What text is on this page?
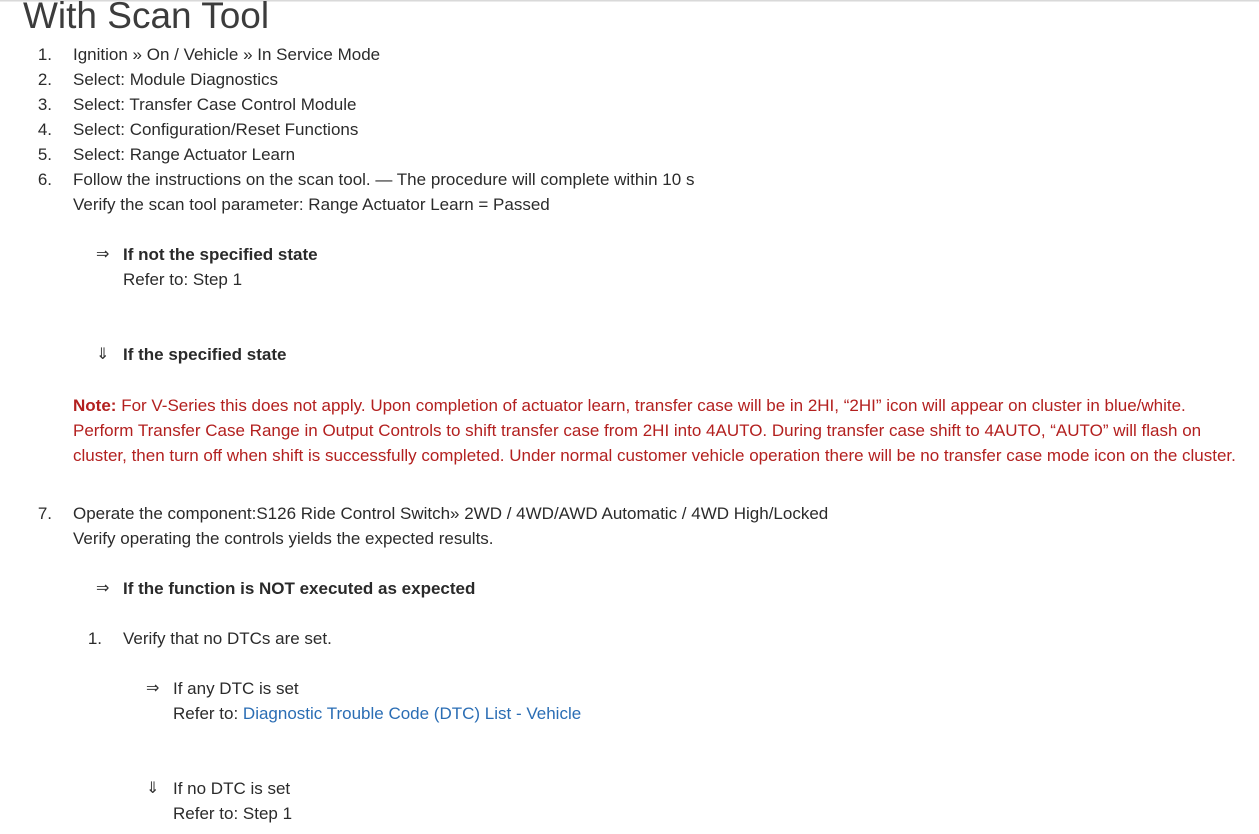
With Scan Tool
1. Ignition » On / Vehicle » In Service Mode
2. Select: Module Diagnostics
3. Select: Transfer Case Control Module
4. Select: Configuration/Reset Functions
5. Select: Range Actuator Learn
6. Follow the instructions on the scan tool. — The procedure will complete within 10 s
Verify the scan tool parameter: Range Actuator Learn = Passed
⇒ If not the specified state
Refer to: Step 1
⇓ If the specified state
Note: For V-Series this does not apply. Upon completion of actuator learn, transfer case will be in 2HI, “2HI” icon will appear on cluster in blue/white. Perform Transfer Case Range in Output Controls to shift transfer case from 2HI into 4AUTO. During transfer case shift to 4AUTO, “AUTO” will flash on cluster, then turn off when shift is successfully completed. Under normal customer vehicle operation there will be no transfer case mode icon on the cluster.
7. Operate the component:S126 Ride Control Switch» 2WD / 4WD/AWD Automatic / 4WD High/Locked
Verify operating the controls yields the expected results.
⇒ If the function is NOT executed as expected
1. Verify that no DTCs are set.
⇒ If any DTC is set
Refer to: Diagnostic Trouble Code (DTC) List - Vehicle
⇓ If no DTC is set
Refer to: Step 1
